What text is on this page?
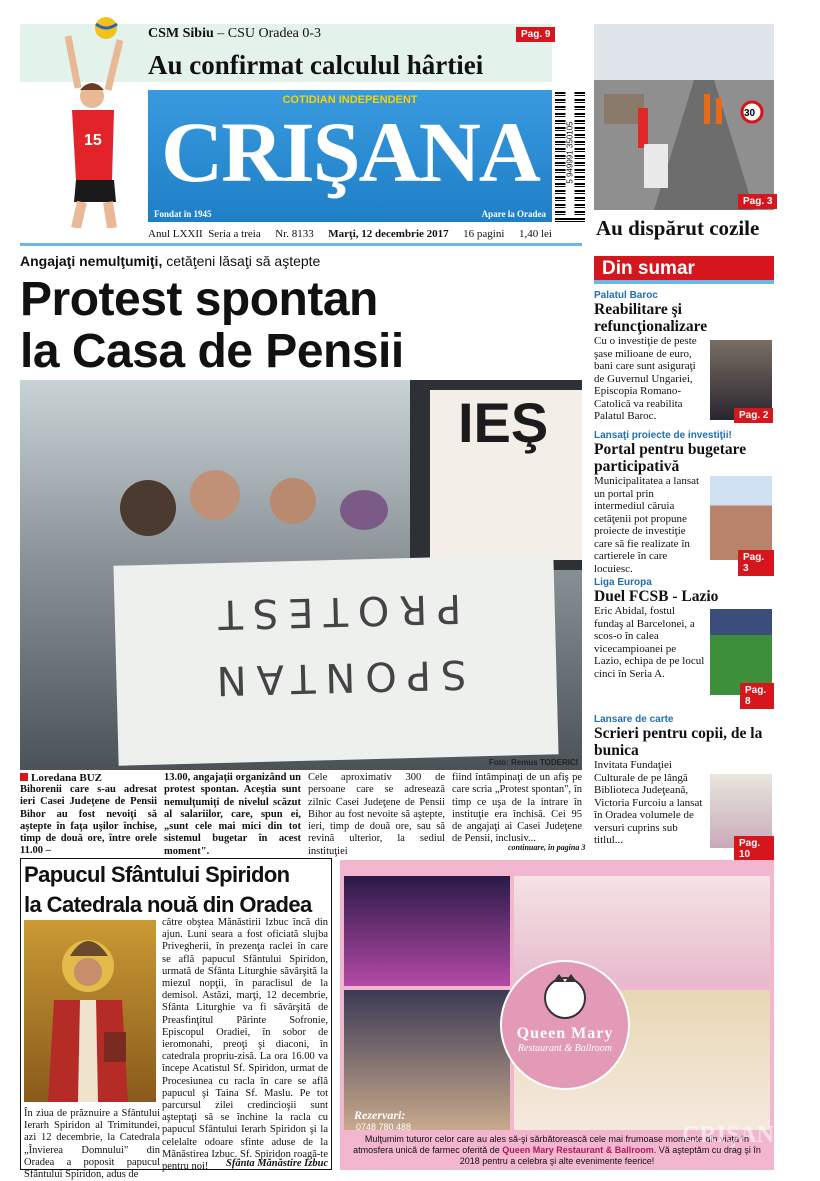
15
CSM Sibiu – CSU Oradea 0-3	Pag. 9
Au confirmat calculul hârtiei
COTIDIAN INDEPENDENT
CRIŞANA
Fondat în 1945	Apare la Oradea
5 949991 350105
Anul LXXII Seria a treia Nr. 8133 Marţi, 12 decembrie 2017 16 pagini 1,40 lei
30
Pag. 3
Au dispărut cozile
Angajaţi nemulţumiţi, cetăţeni lăsaţi să aştepte
Protest spontan
la Casa de Pensii
IEŞ
PROTEST
SPONTAN
Foto: Remus TODERICI
Loredana BUZ

Bihorenii care s-au adresat ieri Casei Judeţene de Pensii Bihor au fost nevoiţi să aştepte în faţa uşilor închise, timp de două ore, între orele 11.00 –

13.00, angajaţii organizând un protest spontan. Aceştia sunt nemulţumiţi de nivelul scăzut al salariilor, care, spun ei, „sunt cele mai mici din tot sistemul bugetar în acest moment".

Cele aproximativ 300 de persoane care se adresează zilnic Casei Judeţene de Pensii Bihor au fost nevoite să aştepte, ieri, timp de două ore, sau să revină ulterior, la sediul instituţiei

fiind întâmpinaţi de un afiş pe care scria „Protest spontan", în timp ce uşa de la intrare în instituţie era închisă. Cei 95 de angajaţi ai Casei Judeţene de Pensii, inclusiv...

continuare, în pagina 3
Din sumar
Palatul Baroc
Reabilitare şi refuncţionalizare
Cu o investiţie de peste şase milioane de euro, bani care sunt asiguraţi de Guvernul Ungariei, Episcopia Romano-Catolică va reabilita Palatul Baroc.	Pag. 2
Lansaţi proiecte de investiţii!
Portal pentru bugetare participativă
Municipalitatea a lansat un portal prin intermediul căruia cetăţenii pot propune proiecte de investiţie care să fie realizate în cartierele în care locuiesc.
Pag. 3
Liga Europa
Duel FCSB - Lazio
Eric Abidal, fostul fundaş al Barcelonei, a scos-o în calea vicecampioanei pe Lazio, echipa de pe locul cinci în Seria A.
Pag. 8
Lansare de carte
Scrieri pentru copii, de la bunica
Invitata Fundaţiei Culturale de pe lângă Biblioteca Judeţeană, Victoria Furcoiu a lansat în Oradea volumele de versuri cuprins sub titlul...	Pag. 10
Papucul Sfântului Spiridon
la Catedrala nouă din Oradea

către obştea Mănăstirii Izbuc încă din ajun. Luni seara a fost oficiată slujba Privegherii, în prezenţa raclei în care se află papucul Sfântului Spiridon, urmată de Sfânta Liturghie săvârşită la miezul nopţii, în paraclisul de la demisol. Astăzi, marţi, 12 decembrie, Sfânta Liturghie va fi săvârşită de Preasfinţitul Părinte Sofronie, Episcopul Oradiei, în sobor de ieromonahi, preoţi şi diaconi, în catedrala propriu-zisă. La ora 16.00 va începe Acatistul Sf. Spiridon, urmat de Procesiunea cu racla în care se află papucul şi Taina Sf. Maslu. Pe tot parcursul zilei credincioşii sunt aşteptaţi să se închine la racla cu papucul Sfântului Ierarh Spiridon şi la celelalte odoare sfinte aduse de la Mănăstirea Izbuc. Sf. Spiridon roagă-te pentru noi!

În ziua de prăznuire a Sfântului Ierarh Spiridon al Trimitundei, azi 12 decembrie, la Catedrala „Învierea Domnului" din Oradea a poposit papucul Sfântului Spiridon, adus de

Sfânta Mănăstire Izbuc
Queen Mary
Restaurant & Ballroom
Rezervari:
0748 780 488
Mulţumim tuturor celor care au ales să-şi sărbătorească cele mai frumoase momente din viaţă în atmosfera unică de farmec oferită de Queen Mary Restaurant & Ballroom. Vă aşteptăm cu drag şi în 2018 pentru a celebra şi alte evenimente feerice!
CRIŞANA
